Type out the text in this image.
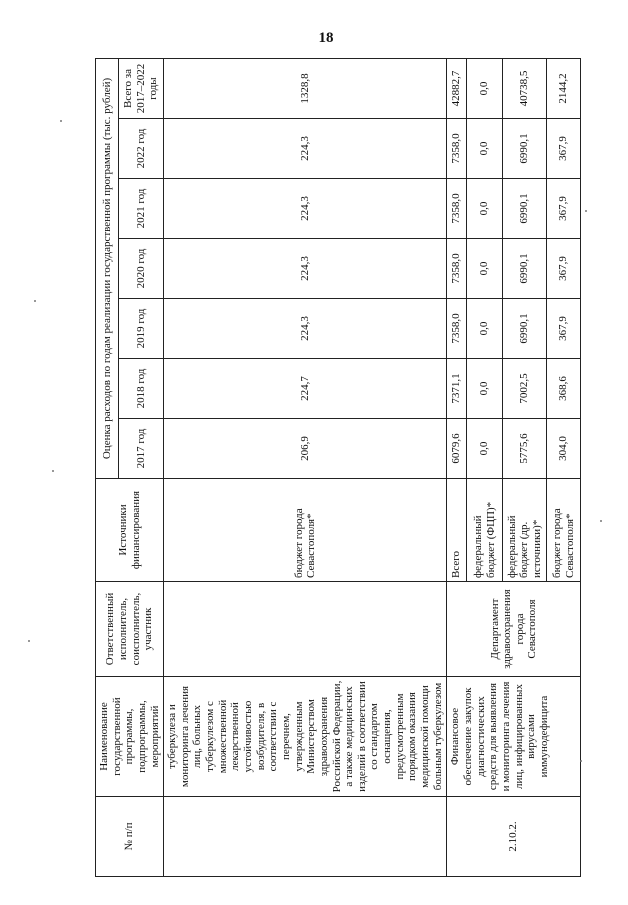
18
№ п/п	Наименование государственной программы, подпрограммы, мероприятий	Ответственный исполнитель, соисполнитель, участник	Источники финансирования	Оценка расходов по годам реализации государственной программы (тыс. рублей)						
				2017 год	2018 год	2019 год	2020 год	2021 год	2022 год	Всего за 2017–2022 годы
	туберкулеза и мониторинга лечения лиц, больных туберкулезом с множественной лекарственной устойчивостью возбудителя, в соответствии с перечнем, утвержденным Министерством здравоохранения Российской Федерации, а также медицинских изделий в соответствии со стандартом оснащения, предусмотренным порядком оказания медицинской помощи больным туберкулезом		бюджет города Севастополя*	206,9	224,7	224,3	224,3	224,3	224,3	1328,8
2.10.2.	Финансовое обеспечение закупок диагностических средств для выявления и мониторинга лечения лиц, инфицированных вирусами иммунодефицита	Департамент здравоохранения города Севастополя	Всего	6079,6	7371,1	7358,0	7358,0	7358,0	7358,0	42882,7
			федеральный бюджет (ФЦП)*	0,0	0,0	0,0	0,0	0,0	0,0	0,0
			федеральный бюджет (др. источники)*	5775,6	7002,5	6990,1	6990,1	6990,1	6990,1	40738,5
			бюджет города Севастополя*	304,0	368,6	367,9	367,9	367,9	367,9	2144,2
